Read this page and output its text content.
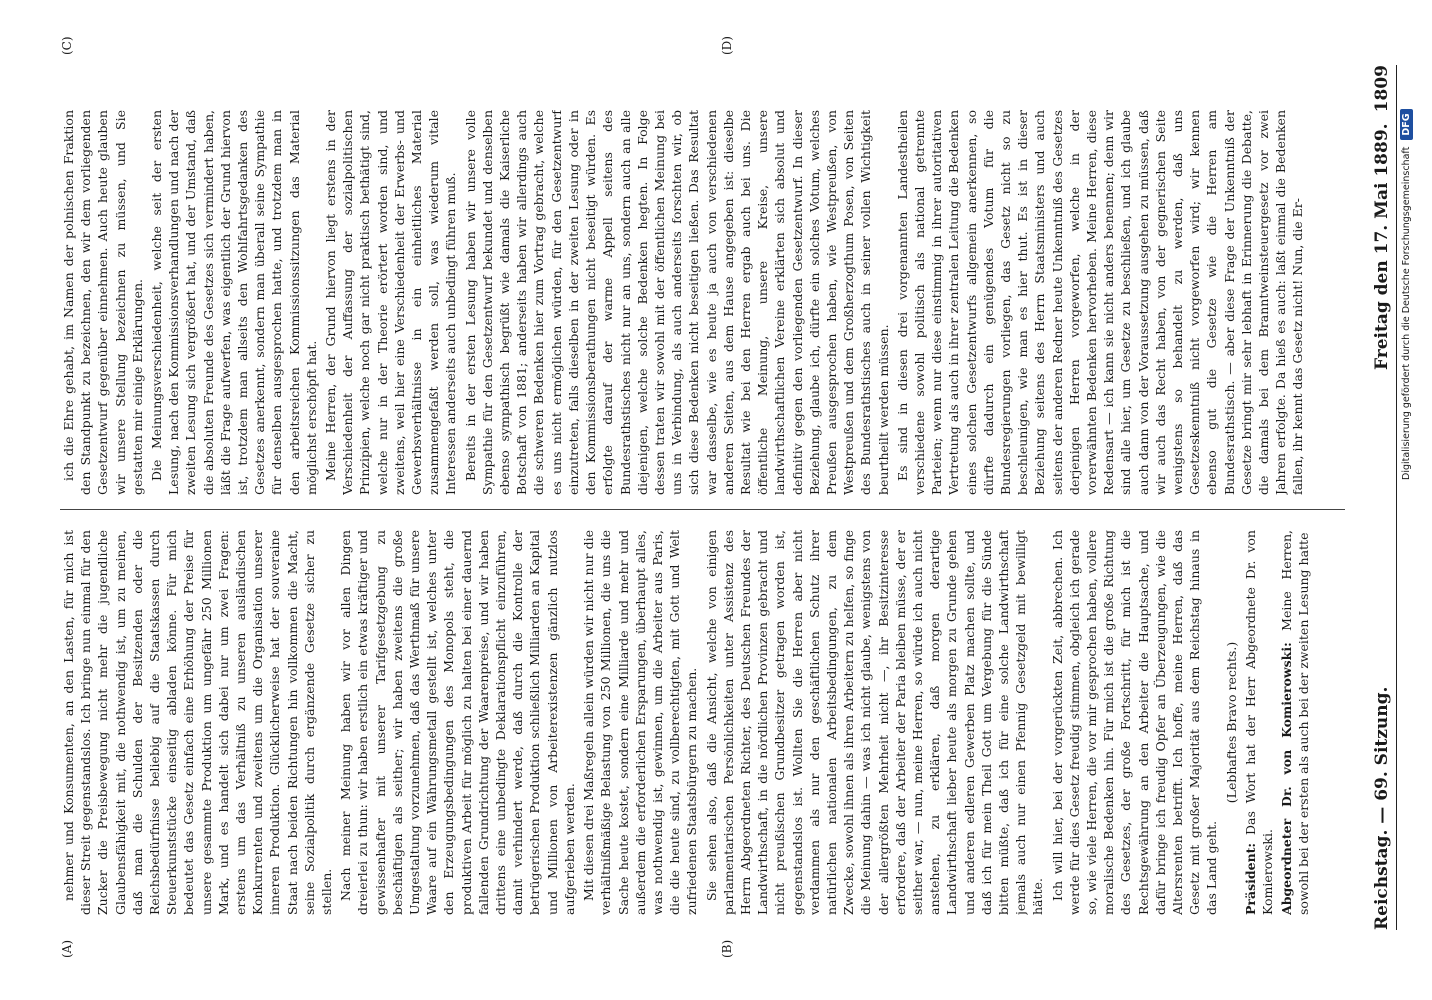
Reichstag. — 69. Sitzung.
Freitag den 17. Mai 1889.
1809
(A)	(B)
(C)	(D)

nehmer und Konsumenten, an den Lasten, für mich ist dieser Streit gegenstandslos. Ich bringe nun einmal für den Zucker die Preisbewegung nicht mehr die jugendliche Glaubensfähigkeit mit, die nothwendig ist, um zu meinen, daß man die Schulden der Besitzenden oder die Reichsbedürfnisse beliebig auf die Staatskassen durch Steuerkunststücke einseitig abladen könne. Für mich bedeutet das Gesetz einfach eine Erhöhung der Preise für unsere gesammte Produktion um ungefähr 250 Millionen Mark, und es handelt sich dabei nur um zwei Fragen: erstens um das Verhältniß zu unseren ausländischen Konkurrenten und zweitens um die Organisation unserer inneren Produktion. Glücklicherweise hat der souveraine Staat nach beiden Richtungen hin vollkommen die Macht, seine Sozialpolitik durch ergänzende Gesetze sicher zu stellen. Nach meiner Meinung haben wir vor allen Dingen dreierlei zu thun: wir haben erstlich ein etwas kräftiger und gewissenhafter mit unserer Tarifgesetzgebung zu beschäftigen als seither; wir haben zweitens die große Umgestaltung vorzunehmen, daß das Werthmaß für unsere Waare auf ein Währungsmetall gestellt ist, welches unter den Erzeugungsbedingungen des Monopols steht, die produktiven Arbeit für möglich zu halten bei einer dauernd fallenden Grundrichtung der Waarenpreise, und wir haben drittens eine unbedingte Deklarationspflicht einzuführen, damit verhindert werde, daß durch die Kontrolle der betrügerischen Produktion schließlich Milliarden an Kapital und Millionen von Arbeiterexistenzen gänzlich nutzlos aufgerieben werden. Mit diesen drei Maßregeln allein würden wir nicht nur die verhältnißmäßige Belastung von 250 Millionen, die uns die Sache heute kostet, sondern eine Milliarde und mehr und außerdem die erforderlichen Ersparungen, überhaupt alles, was nothwendig ist, gewinnen, um die Arbeiter aus Paris, die die heute sind, zu vollberechtigten, mit Gott und Welt zufriedenen Staatsbürgern zu machen. Sie sehen also, daß die Ansicht, welche von einigen parlamentarischen Persönlichkeiten unter Assistenz des Herrn Abgeordneten Richter, des Deutschen Freundes der Landwirthschaft, in die nördlichen Provinzen gebracht und nicht preußischen Grundbesitzer getragen worden ist, gegenstandslos ist. Wollten Sie die Herren aber nicht verdammen als nur den geschäftlichen Schutz ihrer natürlichen nationalen Arbeitsbedingungen, zu dem Zwecke, sowohl ihnen als ihren Arbeitern zu helfen, so finge die Meinung dahin — was ich nicht glaube, wenigstens von der allergrößten Mehrheit nicht —, ihr Besitzinteresse erfordere, daß der Arbeiter der Paria bleiben müsse, der er seither war, — nun, meine Herren, so würde ich auch nicht anstehen, zu erklären, daß morgen derartige Landwirthschaft lieber heute als morgen zu Grunde gehen und anderen edleren Gewerben Platz machen sollte, und daß ich für mein Theil Gott um Vergebung für die Sünde bitten müßte, daß ich für eine solche Landwirthschaft jemals auch nur einen Pfennig Gesetzgeld mit bewilligt hätte. Ich will hier, bei der vorgerückten Zeit, abbrechen. Ich werde für dies Gesetz freudig stimmen, obgleich ich gerade so, wie viele Herren, die vor mir gesprochen haben, vollere moralische Bedenken hin. Für mich ist die große Richtung des Gesetzes, der große Fortschritt, für mich ist die Rechtsgewährung an den Arbeiter die Hauptsache, und dafür bringe ich freudig Opfer an Überzeugungen, wie die Altersrenten betrifft. Ich hoffe, meine Herren, daß das Gesetz mit großer Majorität aus dem Reichstag hinaus in das Land geht.

(Lebhaftes Bravo rechts.)

Präsident: Das Wort hat der Herr Abgeordnete Dr. von Komierowski. Abgeordneter Dr. von Komierowski: Meine Herren, sowohl bei der ersten als auch bei der zweiten Lesung hatte

ich die Ehre gehabt, im Namen der polnischen Fraktion den Standpunkt zu bezeichnen, den wir dem vorliegenden Gesetzentwurf gegenüber einnehmen. Auch heute glauben wir unsere Stellung bezeichnen zu müssen, und Sie gestatten mir einige Erklärungen. Die Meinungsverschiedenheit, welche seit der ersten Lesung, nach den Kommissionsverhandlungen und nach der zweiten Lesung sich vergrößert hat, und der Umstand, daß die absoluten Freunde des Gesetzes sich vermindert haben, läßt die Frage aufwerfen, was eigentlich der Grund hiervon ist, trotzdem man allseits den Wohlfahrtsgedanken des Gesetzes anerkennt, sondern man überall seine Sympathie für denselben ausgesprochen hatte, und trotzdem man in den arbeitsreichen Kommissionssitzungen das Material möglichst erschöpft hat. Meine Herren, der Grund hiervon liegt erstens in der Verschiedenheit der Auffassung der sozialpolitischen Prinzipien, welche noch gar nicht praktisch bethätigt sind, welche nur in der Theorie erörtert worden sind, und zweitens, weil hier eine Verschiedenheit der Erwerbs- und Gewerbsverhältnisse in ein einheitliches Material zusammengefaßt werden soll, was wiederum vitale Interessen anderseits auch unbedingt führen muß. Bereits in der ersten Lesung haben wir unsere volle Sympathie für den Gesetzentwurf bekundet und denselben ebenso sympathisch begrüßt wie damals die Kaiserliche Botschaft von 1881; anderseits haben wir allerdings auch die schweren Bedenken hier zum Vortrag gebracht, welche es uns nicht ermöglichen würden, für den Gesetzentwurf einzutreten, falls dieselben in der zweiten Lesung oder in den Kommissionsberathungen nicht beseitigt würden. Es erfolgte darauf der warme Appell seitens des Bundesrathstisches nicht nur an uns, sondern auch an alle diejenigen, welche solche Bedenken hegten. In Folge dessen traten wir sowohl mit der öffentlichen Meinung bei uns in Verbindung, als auch anderseits forschten wir, ob sich diese Bedenken nicht beseitigen ließen. Das Resultat war dasselbe, wie es heute ja auch von verschiedenen anderen Seiten, aus dem Hause angegeben ist: dieselbe Resultat wie bei den Herren ergab auch bei uns. Die öffentliche Meinung, unsere Kreise, unsere landwirthschaftlichen Vereine erklärten sich absolut und definitiv gegen den vorliegenden Gesetzentwurf. In dieser Beziehung, glaube ich, dürfte ein solches Votum, welches Preußen ausgesprochen haben, wie Westpreußen, von Westpreußen und dem Großherzogthum Posen, von Seiten des Bundesrathstisches auch in seiner vollen Wichtigkeit beurtheilt werden müssen. Es sind in diesen drei vorgenannten Landestheilen verschiedene sowohl politisch als national getrennte Parteien; wenn nur diese einstimmig in ihrer autoritativen Vertretung als auch in ihrer zentralen Leitung die Bedenken eines solchen Gesetzentwurfs allgemein anerkennen, so dürfte dadurch ein genügendes Votum für die Bundesregierungen vorliegen, das Gesetz nicht so zu beschleunigen, wie man es hier thut. Es ist in dieser Beziehung seitens des Herrn Staatsministers und auch seitens der anderen Redner heute Unkenntniß des Gesetzes derjenigen Herren vorgeworfen, welche in der vorerwähnten Bedenken hervorheben. Meine Herren, diese Redensart — ich kann sie nicht anders benennen; denn wir sind alle hier, um Gesetze zu beschließen, und ich glaube auch dann von der Voraussetzung ausgehen zu müssen, daß wir auch das Recht haben, von der gegnerischen Seite wenigstens so behandelt zu werden, daß uns Gesetzeskenntniß nicht vorgeworfen wird; wir kennen ebenso gut die Gesetze wie die Herren am Bundesrathstisch. — aber diese Frage der Unkenntniß der Gesetze bringt mir sehr lebhaft in Erinnerung die Debatte, die damals bei dem Branntweinsteuergesetz vor zwei Jahren erfolgte. Da hieß es auch: laßt einmal die Bedenken fallen, ihr kennt das Gesetz nicht! Nun, die Er-	Digitalisierung gefördert durch die Deutsche Forschungsgemeinschaft DFG
